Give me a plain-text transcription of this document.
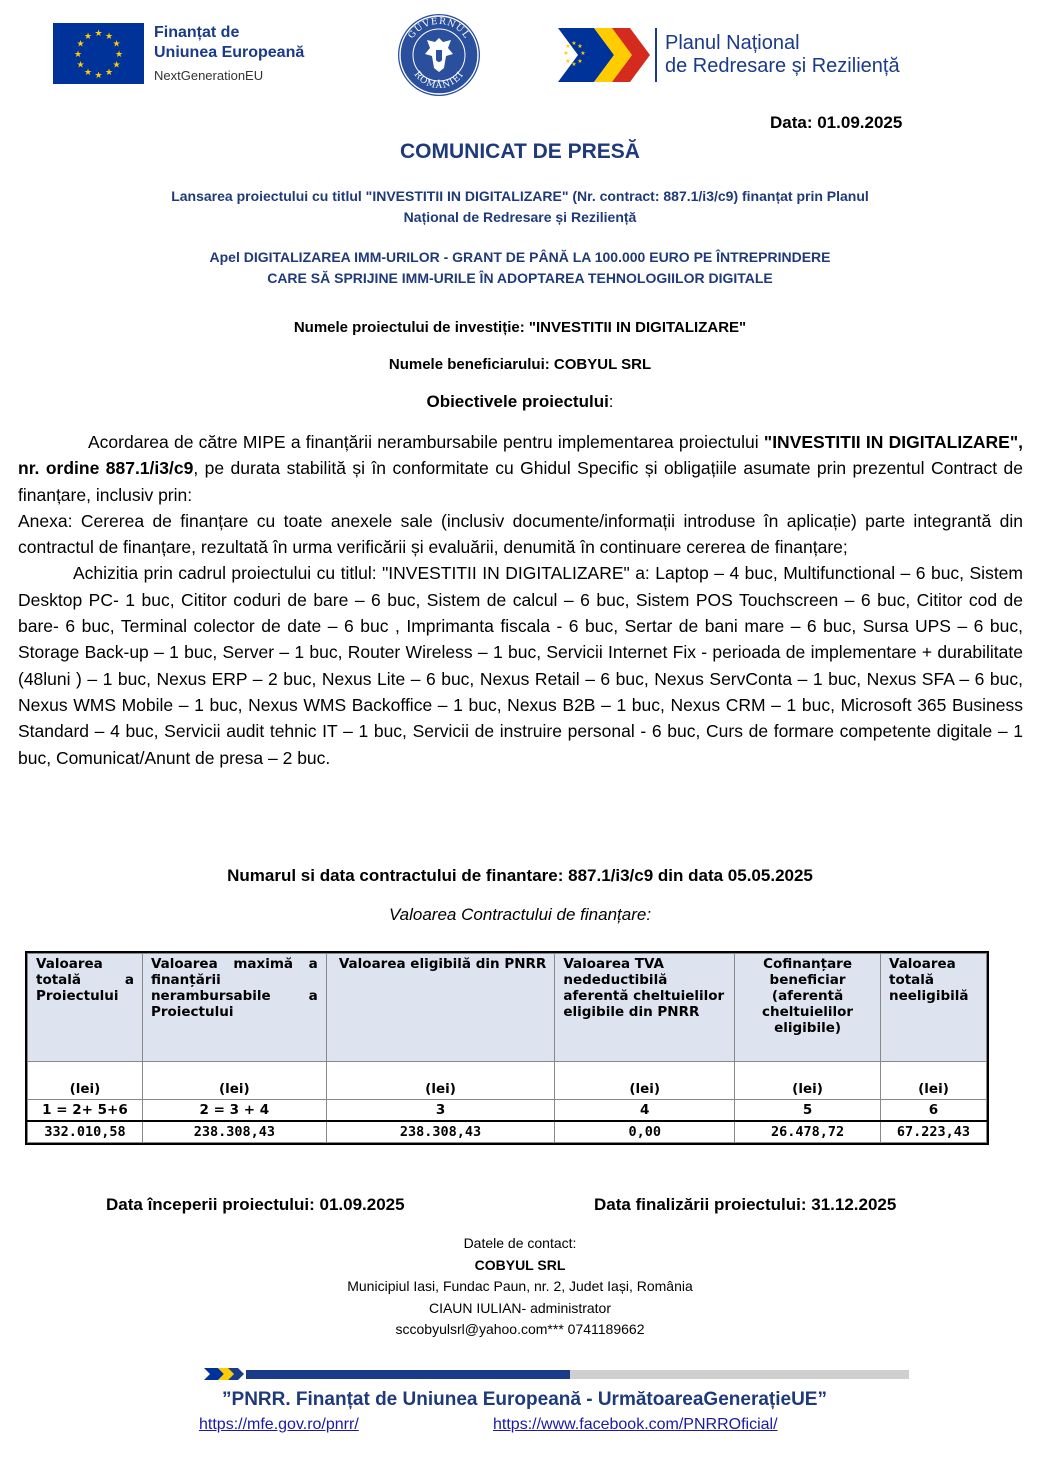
★ ★
★
★
★
★
★
★
★
★
★
★	Finanțat de
Uniunea Europeană
NextGenerationEU
GUVERNUL
ROMÂNIEI
★ ★
★
★
★
★
★
★	Planul Național
de Redresare și Reziliență
Data: 01.09.2025
COMUNICAT DE PRESĂ
Lansarea proiectului cu titlul "INVESTITII IN DIGITALIZARE" (Nr. contract: 887.1/i3/c9) finanțat prin Planul
Național de Redresare și Reziliență
Apel DIGITALIZAREA IMM-URILOR - GRANT DE PÂNĂ LA 100.000 EURO PE ÎNTREPRINDERE
CARE SĂ SPRIJINE IMM-URILE ÎN ADOPTAREA TEHNOLOGIILOR DIGITALE
Numele proiectului de investiție: "INVESTITII IN DIGITALIZARE"
Numele beneficiarului: COBYUL SRL
Obiectivele proiectului:

Acordarea de către MIPE a finanțării nerambursabile pentru implementarea proiectului "INVESTITII IN DIGITALIZARE", nr. ordine 887.1/i3/c9, pe durata stabilită și în conformitate cu Ghidul Specific și obligațiile asumate prin prezentul Contract de finanțare, inclusiv prin:

Anexa: Cererea de finanțare cu toate anexele sale (inclusiv documente/informații introduse în aplicație) parte integrantă din contractul de finanțare, rezultată în urma verificării și evaluării, denumită în continuare cererea de finanțare;

Achizitia prin cadrul proiectului cu titlul: "INVESTITII IN DIGITALIZARE" a: Laptop – 4 buc, Multifunctional – 6 buc, Sistem Desktop PC- 1 buc, Cititor coduri de bare – 6 buc, Sistem de calcul – 6 buc, Sistem POS Touchscreen – 6 buc, Cititor cod de bare- 6 buc, Terminal colector de date – 6 buc , Imprimanta fiscala - 6 buc, Sertar de bani mare – 6 buc, Sursa UPS – 6 buc, Storage Back-up – 1 buc, Server – 1 buc, Router Wireless – 1 buc, Servicii Internet Fix - perioada de implementare + durabilitate (48luni ) – 1 buc, Nexus ERP – 2 buc, Nexus Lite – 6 buc, Nexus Retail – 6 buc, Nexus ServConta – 1 buc, Nexus SFA – 6 buc, Nexus WMS Mobile – 1 buc, Nexus WMS Backoffice – 1 buc, Nexus B2B – 1 buc, Nexus CRM – 1 buc, Microsoft 365 Business Standard – 4 buc, Servicii audit tehnic IT – 1 buc, Servicii de instruire personal - 6 buc, Curs de formare competente digitale – 1 buc, Comunicat/Anunt de presa – 2 buc.

Numarul si data contractului de finantare: 887.1/i3/c9 din data 05.05.2025
Valoarea Contractului de finanțare:
Valoarea totală a Proiectului	Valoarea maximă a finanțării nerambursabile a Proiectului	Valoarea eligibilă din PNRR	Valoarea TVA nedeductibilă aferentă cheltuielilor eligibile din PNRR	Cofinanțare beneficiar (aferentă cheltuielilor eligibile)	Valoarea totală neeligibilă
(lei)	(lei)	(lei)	(lei)	(lei)	(lei)
1 = 2+ 5+6	2 = 3 + 4	3	4	5	6
332.010,58	238.308,43	238.308,43	0,00	26.478,72	67.223,43
Data începerii proiectului: 01.09.2025	Data finalizării proiectului: 31.12.2025
Datele de contact:
COBYUL SRL
Municipiul Iasi, Fundac Paun, nr. 2, Judet Iași, România
CIAUN IULIAN- administrator
sccobyulsrl@yahoo.com*** 0741189662
”PNRR. Finanțat de Uniunea Europeană - UrmătoareaGenerațieUE”
https://mfe.gov.ro/pnrr/	https://www.facebook.com/PNRROficial/
